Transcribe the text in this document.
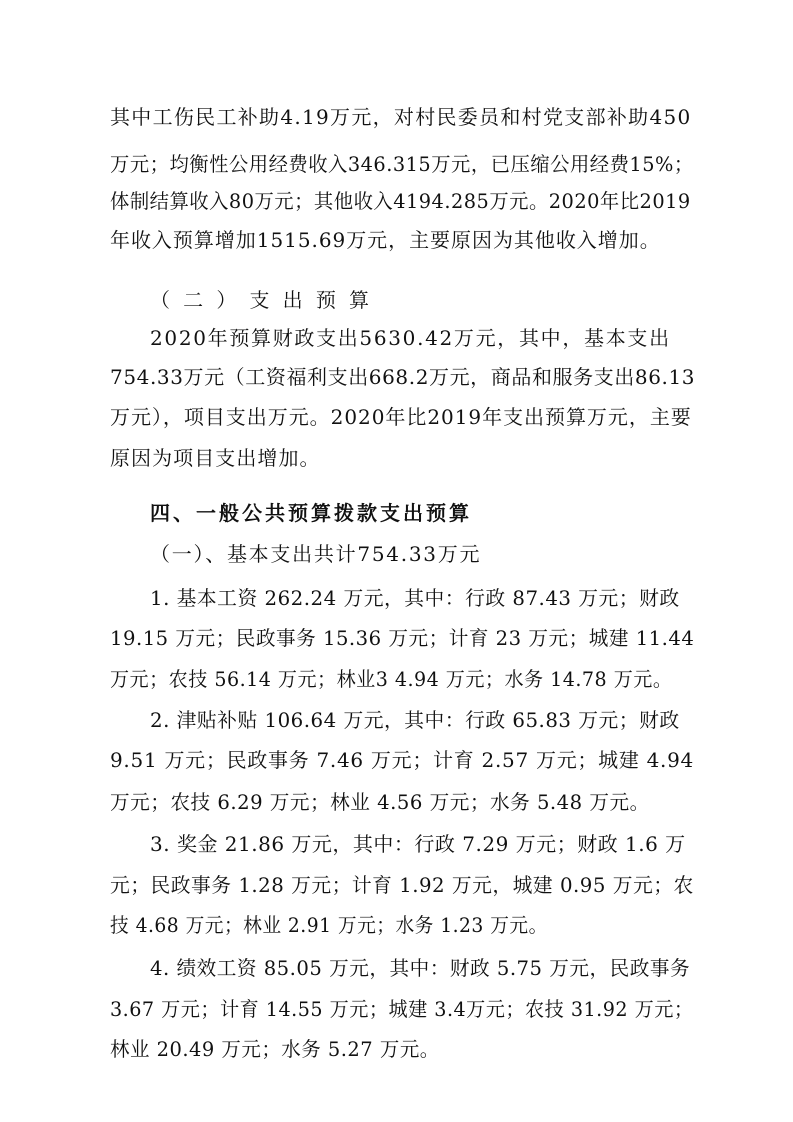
其中工伤民工补助4.19万元，对村民委员和村党支部补助450
万元；均衡性公用经费收入346.315万元，已压缩公用经费15%；
体制结算收入80万元；其他收入4194.285万元。2020年比2019
年收入预算增加1515.69万元，主要原因为其他收入增加。
（二）支出预算
2020年预算财政支出5630.42万元，其中，基本支出
754.33万元（工资福利支出668.2万元，商品和服务支出86.13
万元），项目支出万元。2020年比2019年支出预算万元，主要
原因为项目支出增加。
四、一般公共预算拨款支出预算
（一）、基本支出共计754.33万元
1. 基本工资 262.24 万元，其中：行政 87.43 万元；财政
19.15 万元；民政事务 15.36 万元；计育 23 万元；城建 11.44
万元；农技 56.14 万元；林业3 4.94 万元；水务 14.78 万元。
2. 津贴补贴 106.64 万元，其中：行政 65.83 万元；财政
9.51 万元；民政事务 7.46 万元；计育 2.57 万元；城建 4.94
万元；农技 6.29 万元；林业 4.56 万元；水务 5.48 万元。
3. 奖金 21.86 万元，其中：行政 7.29 万元；财政 1.6 万
元；民政事务 1.28 万元；计育 1.92 万元，城建 0.95 万元；农
技 4.68 万元；林业 2.91 万元；水务 1.23 万元。
4. 绩效工资 85.05 万元，其中：财政 5.75 万元，民政事务
3.67 万元；计育 14.55 万元；城建 3.4万元；农技 31.92 万元；
林业 20.49 万元；水务 5.27 万元。
